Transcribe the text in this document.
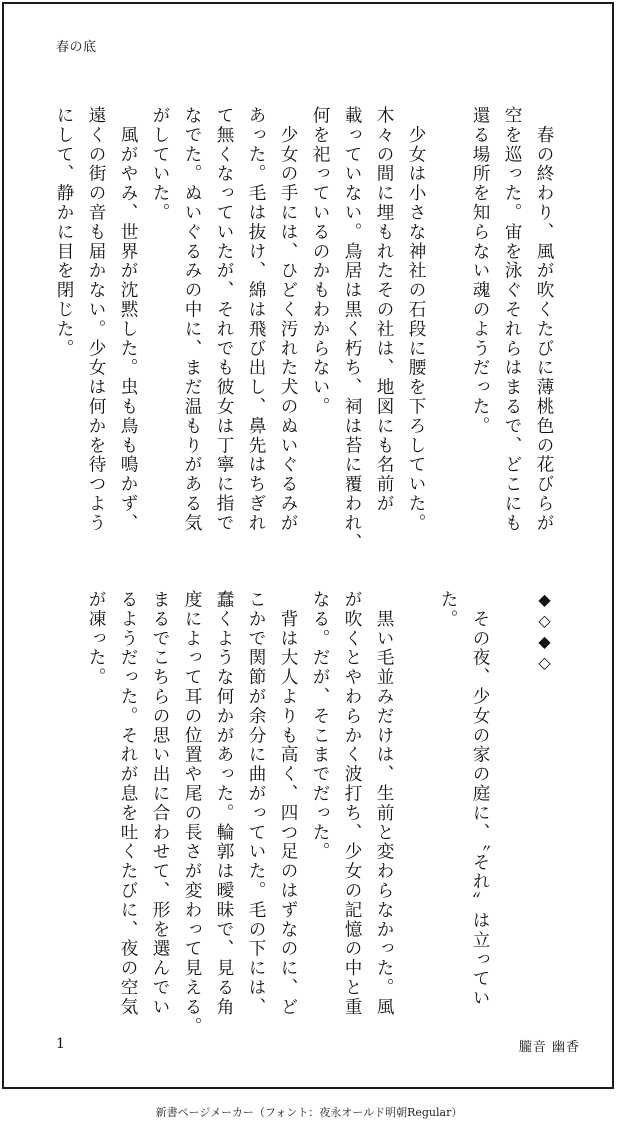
春の底
　春の終わり、風が吹くたびに薄桃色の花びらが
空を巡った。宙を泳ぐそれらはまるで、どこにも
還る場所を知らない魂のようだった。
　少女は小さな神社の石段に腰を下ろしていた。
木々の間に埋もれたその社は、地図にも名前が
載っていない。鳥居は黒く朽ち、祠は苔に覆われ、
何を祀っているのかもわからない。
　少女の手には、ひどく汚れた犬のぬいぐるみが
あった。毛は抜け、綿は飛び出し、鼻先はちぎれ
て無くなっていたが、それでも彼女は丁寧に指で
なでた。ぬいぐるみの中に、まだ温もりがある気
がしていた。
　風がやみ、世界が沈黙した。虫も鳥も鳴かず、
遠くの街の音も届かない。少女は何かを待つよう
にして、静かに目を閉じた。
◆◇◆◇
　その夜、少女の家の庭に、〝それ〟は立ってい
た。
　黒い毛並みだけは、生前と変わらなかった。風
が吹くとやわらかく波打ち、少女の記憶の中と重
なる。だが、そこまでだった。
　背は大人よりも高く、四つ足のはずなのに、ど
こかで関節が余分に曲がっていた。毛の下には、
蠢くような何かがあった。輪郭は曖昧で、見る角
度によって耳の位置や尾の長さが変わって見える。
まるでこちらの思い出に合わせて、形を選んでい
るようだった。それが息を吐くたびに、夜の空気
が凍った。
1	朧音 幽香
新書ページメーカー（フォント：夜永オールド明朝Regular）
